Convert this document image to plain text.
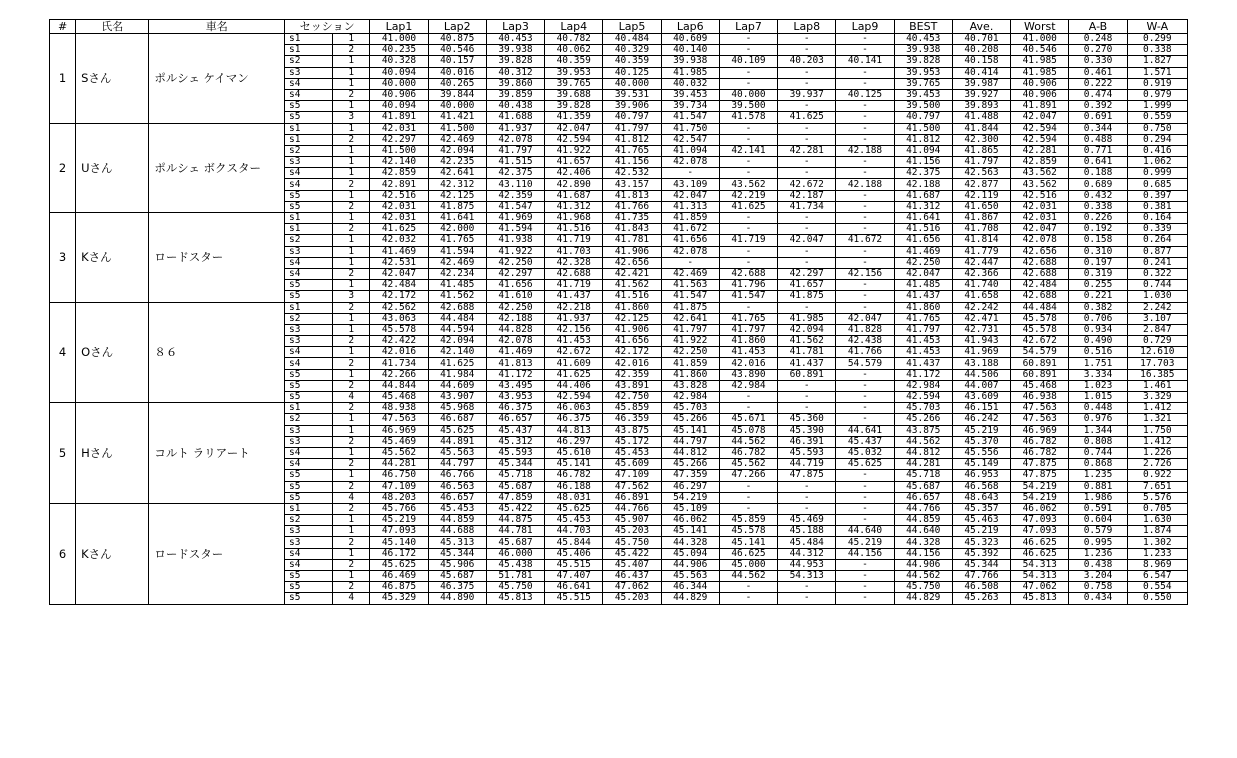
#	氏名	車名	セッション		Lap1	Lap2	Lap3	Lap4	Lap5	Lap6	Lap7	Lap8	Lap9	BEST	Ave.	Worst	A-B	W-A
1	Sさん	ポルシェ ケイマン	s1	1	41.000	40.875	40.453	40.782	40.484	40.609	-	-	-	40.453	40.701	41.000	0.248	0.299
			s1	2	40.235	40.546	39.938	40.062	40.329	40.140	-	-	-	39.938	40.208	40.546	0.270	0.338
			s2	1	40.328	40.157	39.828	40.359	40.359	39.938	40.109	40.203	40.141	39.828	40.158	41.985	0.330	1.827
			s3	1	40.094	40.016	40.312	39.953	40.125	41.985	-	-	-	39.953	40.414	41.985	0.461	1.571
			s4	1	40.000	40.265	39.860	39.765	40.000	40.032	-	-	-	39.765	39.987	40.906	0.222	0.919
			s4	2	40.906	39.844	39.859	39.688	39.531	39.453	40.000	39.937	40.125	39.453	39.927	40.906	0.474	0.979
			s5	1	40.094	40.000	40.438	39.828	39.906	39.734	39.500	-	-	39.500	39.893	41.891	0.392	1.999
			s5	3	41.891	41.421	41.688	41.359	40.797	41.547	41.578	41.625	-	40.797	41.488	42.047	0.691	0.559
2	Uさん	ポルシェ ボクスター	s1	1	42.031	41.500	41.937	42.047	41.797	41.750	-	-	-	41.500	41.844	42.594	0.344	0.750
			s1	2	42.297	42.469	42.078	42.594	41.812	42.547	-	-	-	41.812	42.300	42.594	0.488	0.294
			s2	1	41.500	42.094	41.797	41.922	41.765	41.094	42.141	42.281	42.188	41.094	41.865	42.281	0.771	0.416
			s3	1	42.140	42.235	41.515	41.657	41.156	42.078	-	-	-	41.156	41.797	42.859	0.641	1.062
			s4	1	42.859	42.641	42.375	42.406	42.532	-	-	-	-	42.375	42.563	43.562	0.188	0.999
			s4	2	42.891	42.312	43.110	42.890	43.157	43.109	43.562	42.672	42.188	42.188	42.877	43.562	0.689	0.685
			s5	1	42.516	42.125	42.359	41.687	41.813	42.047	42.219	42.187	-	41.687	42.119	42.516	0.432	0.397
			s5	2	42.031	41.875	41.547	41.312	41.766	41.313	41.625	41.734	-	41.312	41.650	42.031	0.338	0.381
3	Kさん	ロードスター	s1	1	42.031	41.641	41.969	41.968	41.735	41.859	-	-	-	41.641	41.867	42.031	0.226	0.164
			s1	2	41.625	42.000	41.594	41.516	41.843	41.672	-	-	-	41.516	41.708	42.047	0.192	0.339
			s2	1	42.032	41.765	41.938	41.719	41.781	41.656	41.719	42.047	41.672	41.656	41.814	42.078	0.158	0.264
			s3	1	41.469	41.594	41.922	41.703	41.906	42.078	-	-	-	41.469	41.779	42.656	0.310	0.877
			s4	1	42.531	42.469	42.250	42.328	42.656	-	-	-	-	42.250	42.447	42.688	0.197	0.241
			s4	2	42.047	42.234	42.297	42.688	42.421	42.469	42.688	42.297	42.156	42.047	42.366	42.688	0.319	0.322
			s5	1	42.484	41.485	41.656	41.719	41.562	41.563	41.796	41.657	-	41.485	41.740	42.484	0.255	0.744
			s5	3	42.172	41.562	41.610	41.437	41.516	41.547	41.547	41.875	-	41.437	41.658	42.688	0.221	1.030
4	Oさん	８６	s1	2	42.562	42.688	42.250	42.218	41.860	41.875	-	-	-	41.860	42.242	44.484	0.382	2.242
			s2	1	43.063	44.484	42.188	41.937	42.125	42.641	41.765	41.985	42.047	41.765	42.471	45.578	0.706	3.107
			s3	1	45.578	44.594	44.828	42.156	41.906	41.797	41.797	42.094	41.828	41.797	42.731	45.578	0.934	2.847
			s3	2	42.422	42.094	42.078	41.453	41.656	41.922	41.860	41.562	42.438	41.453	41.943	42.672	0.490	0.729
			s4	1	42.016	42.140	41.469	42.672	42.172	42.250	41.453	41.781	41.766	41.453	41.969	54.579	0.516	12.610
			s4	2	41.734	41.625	41.813	41.609	42.016	41.859	42.016	41.437	54.579	41.437	43.188	60.891	1.751	17.703
			s5	1	42.266	41.984	41.172	41.625	42.359	41.860	43.890	60.891	-	41.172	44.506	60.891	3.334	16.385
			s5	2	44.844	44.609	43.495	44.406	43.891	43.828	42.984	-	-	42.984	44.007	45.468	1.023	1.461
			s5	4	45.468	43.907	43.953	42.594	42.750	42.984	-	-	-	42.594	43.609	46.938	1.015	3.329
5	Hさん	コルト ラリアート	s1	2	48.938	45.968	46.375	46.063	45.859	45.703	-	-	-	45.703	46.151	47.563	0.448	1.412
			s2	1	47.563	46.687	46.657	46.375	46.359	45.266	45.671	45.360	-	45.266	46.242	47.563	0.976	1.321
			s3	1	46.969	45.625	45.437	44.813	43.875	45.141	45.078	45.390	44.641	43.875	45.219	46.969	1.344	1.750
			s3	2	45.469	44.891	45.312	46.297	45.172	44.797	44.562	46.391	45.437	44.562	45.370	46.782	0.808	1.412
			s4	1	45.562	45.563	45.593	45.610	45.453	44.812	46.782	45.593	45.032	44.812	45.556	46.782	0.744	1.226
			s4	2	44.281	44.797	45.344	45.141	45.609	45.266	45.562	44.719	45.625	44.281	45.149	47.875	0.868	2.726
			s5	1	46.750	46.766	45.718	46.782	47.109	47.359	47.266	47.875	-	45.718	46.953	47.875	1.235	0.922
			s5	2	47.109	46.563	45.687	46.188	47.562	46.297	-	-	-	45.687	46.568	54.219	0.881	7.651
			s5	4	48.203	46.657	47.859	48.031	46.891	54.219	-	-	-	46.657	48.643	54.219	1.986	5.576
6	Kさん	ロードスター	s1	2	45.766	45.453	45.422	45.625	44.766	45.109	-	-	-	44.766	45.357	46.062	0.591	0.705
			s2	1	45.219	44.859	44.875	45.453	45.907	46.062	45.859	45.469	-	44.859	45.463	47.093	0.604	1.630
			s3	1	47.093	44.688	44.781	44.703	45.203	45.141	45.578	45.188	44.640	44.640	45.219	47.093	0.579	1.874
			s3	2	45.140	45.313	45.687	45.844	45.750	44.328	45.141	45.484	45.219	44.328	45.323	46.625	0.995	1.302
			s4	1	46.172	45.344	46.000	45.406	45.422	45.094	46.625	44.312	44.156	44.156	45.392	46.625	1.236	1.233
			s4	2	45.625	45.906	45.438	45.515	45.407	44.906	45.000	44.953	-	44.906	45.344	54.313	0.438	8.969
			s5	1	46.469	45.687	51.781	47.407	46.437	45.563	44.562	54.313	-	44.562	47.766	54.313	3.204	6.547
			s5	2	46.875	46.375	45.750	46.641	47.062	46.344	-	-	-	45.750	46.508	47.062	0.758	0.554
			s5	4	45.329	44.890	45.813	45.515	45.203	44.829	-	-	-	44.829	45.263	45.813	0.434	0.550
